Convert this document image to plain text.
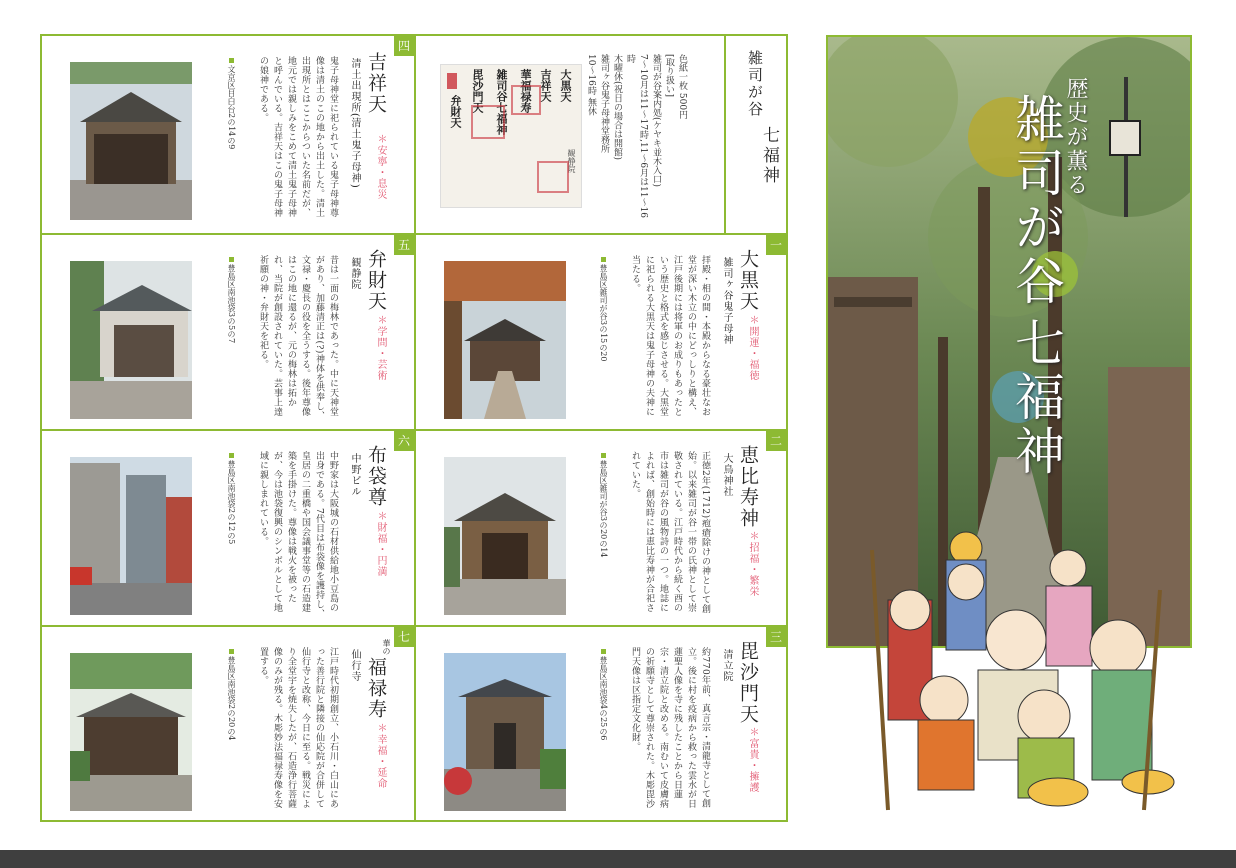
四
吉祥天
＊安寧・息災
清土出現所(清土鬼子母神)
鬼子母神堂に祀られている鬼子母神尊像は清土のこの地から出土した。清土出現所とはここからついた名前だが、地元では親しみをこめて清土鬼子母神と呼んでいる。吉祥天はこの鬼子母神の娘神である。
文京区目白台2の14の9	雑司が谷
七福神
色紙一枚 500円
[取り扱い]
雑司が谷案内処(ケヤキ並木入口)
7〜10月は11〜17時,11〜6月は11〜16時
木曜休(祝日の場合は開館)
雑司ヶ谷鬼子母神堂務所
10〜16時 無休
大黒天
吉祥天
華福禄寿
雑司谷七福神
毘沙門天
弁財天
観静院
五
弁財天
＊学問・芸術
観静院
昔は一面の梅林であった。中に天神堂があり、加藤清正は(?)神体を供奉し、文禄・慶長の役を全うする。後年尊像はこの地に還るが、元の梅林は拓かれ、当院が創設されていた。芸事上達祈願の神・弁財天を祀る。
豊島区南池袋3の5の7
一
大黒天
＊開運・福徳
雑司ヶ谷鬼子母神
拝殿・相の間・本殿からなる豪壮なお堂が深い木立の中にどっしりと構え、江戸後期には将軍のお成りもあったという歴史と格式を感じさせる。大黒堂に祀られる大黒天は鬼子母神の夫神に当たる。
豊島区雑司が谷3の15の20
六
布袋尊
＊財福・円満
中野ビル
中野家は大阪城の石材供給地小豆島の出身である。7代目は布袋像を護持し、皇居の二重橋や国会議事堂等の石造建築を手掛けた。尊像は戦火を被ったが、今は池袋復興のシンボルとして地域に親しまれている。
豊島区南池袋2の12の5
二
恵比寿神
＊招福・繁栄
大鳥神社
正徳2年(1712)疱瘡除けの神として創始。以来雑司が谷一帯の氏神として崇敬されている。江戸時代から続く酉の市は雑司が谷の風物詩の一つ。地誌によれば、創始時には恵比寿神が合祀されていた。
豊島区雑司が谷3の20の14
七
華の
福禄寿
＊幸福・延命
仙行寺
江戸時代初期創立、小石川・白山にあった善行院と隣接の仙応院が合併して仙行寺と改称、今日に至る。戦災により全堂宇を焼失したが、石造浄行菩薩像のみが残る。木彫妙法福禄寿像を安置する。
豊島区南池袋2の20の4
三
毘沙門天
＊富貴・擁護
清立院
約770年前、真言宗・清龍寺として創立。後に村を疫病から救った雲水が日蓮聖人像を寺に残したことから日蓮宗・清立院と改める。南むいて皮膚病の祈願寺として尊崇された。木彫毘沙門天像は区指定文化財。
豊島区南池袋4の25の6
歴史が薫る
雑司が谷
七福神
